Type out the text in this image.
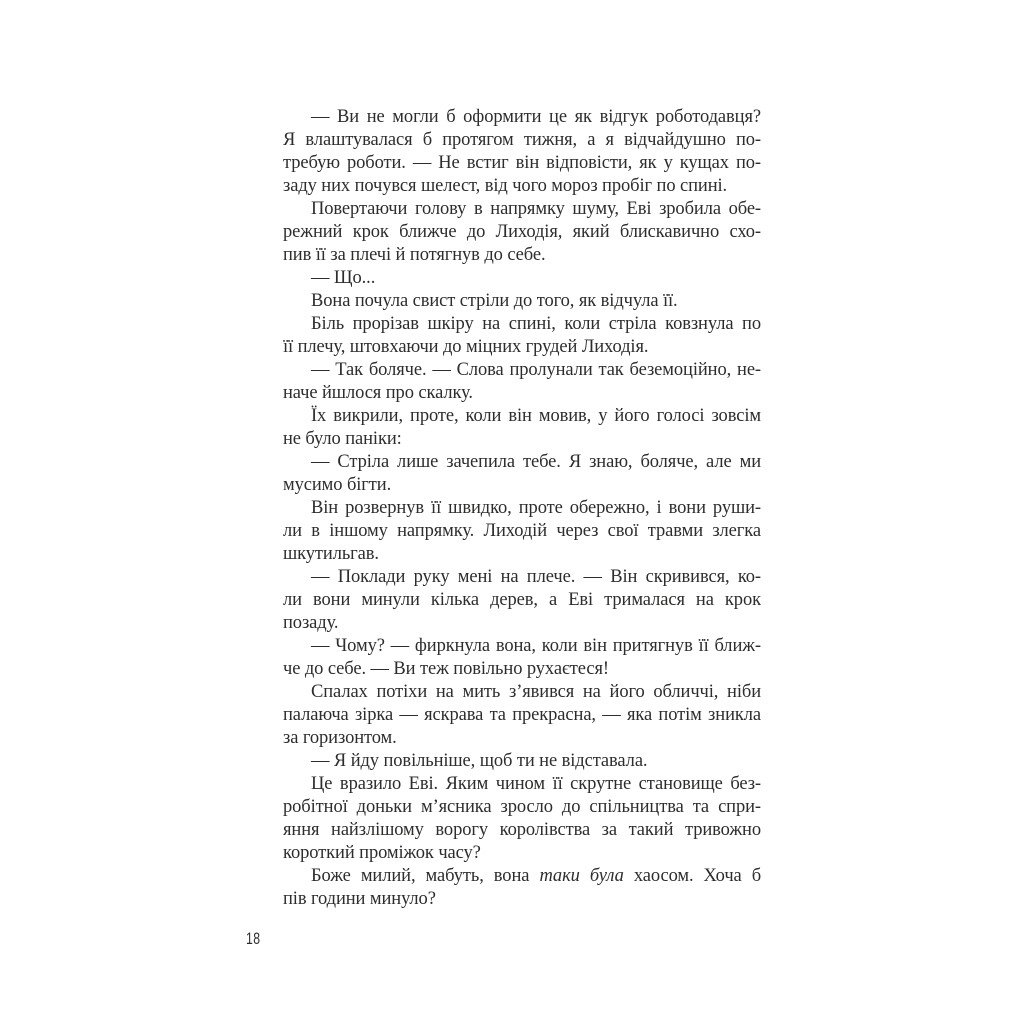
— Ви не могли б оформити це як відгук роботодавця?
Я влаштувалася б протягом тижня, а я відчайдушно по-
требую роботи. — Не встиг він відповісти, як у кущах по-
заду них почувся шелест, від чого мороз пробіг по спині.
Повертаючи голову в напрямку шуму, Еві зробила обе-
режний крок ближче до Лиходія, який блискавично схо-
пив її за плечі й потягнув до себе.
— Що...
Вона почула свист стріли до того, як відчула її.
Біль прорізав шкіру на спині, коли стріла ковзнула по
її плечу, штовхаючи до міцних грудей Лиходія.
— Так боляче. — Слова пролунали так беземоційно, не-
наче йшлося про скалку.
Їх викрили, проте, коли він мовив, у його голосі зовсім
не було паніки:
— Стріла лише зачепила тебе. Я знаю, боляче, але ми
мусимо бігти.
Він розвернув її швидко, проте обережно, і вони руши-
ли в іншому напрямку. Лиходій через свої травми злегка
шкутильгав.
— Поклади руку мені на плече. — Він скривився, ко-
ли вони минули кілька дерев, а Еві трималася на крок
позаду.
— Чому? — фиркнула вона, коли він притягнув її ближ-
че до себе. — Ви теж повільно рухаєтеся!
Спалах потіхи на мить з’явився на його обличчі, ніби
палаюча зірка — яскрава та прекрасна, — яка потім зникла
за горизонтом.
— Я йду повільніше, щоб ти не відставала.
Це вразило Еві. Яким чином її скрутне становище без-
робітної доньки м’ясника зросло до спільництва та спри-
яння найзлішому ворогу королівства за такий тривожно
короткий проміжок часу?
Боже милий, мабуть, вона таки була хаосом. Хоча б
пів години минуло?
18
